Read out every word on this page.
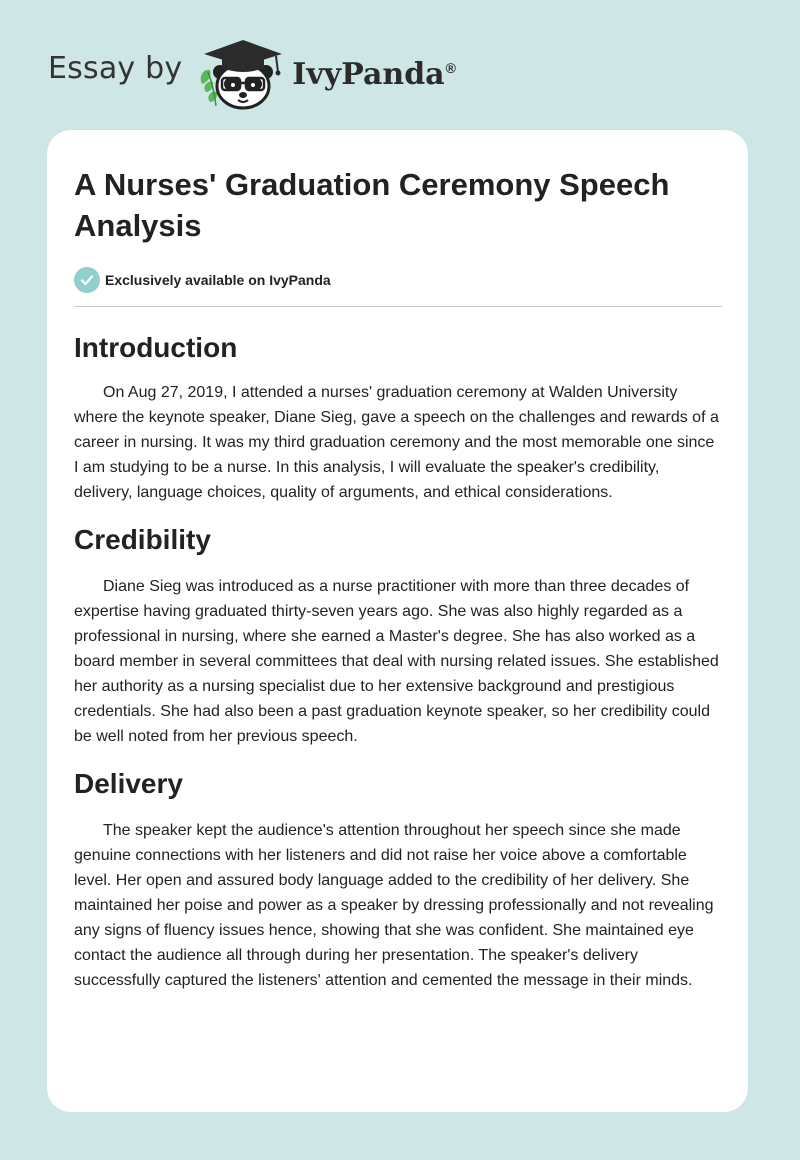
Essay by	IvyPanda®
A Nurses' Graduation Ceremony Speech Analysis
Exclusively available on IvyPanda
Introduction

On Aug 27, 2019, I attended a nurses' graduation ceremony at Walden University where the keynote speaker, Diane Sieg, gave a speech on the challenges and rewards of a career in nursing. It was my third graduation ceremony and the most memorable one since I am studying to be a nurse. In this analysis, I will evaluate the speaker's credibility, delivery, language choices, quality of arguments, and ethical considerations.

Credibility

Diane Sieg was introduced as a nurse practitioner with more than three decades of expertise having graduated thirty-seven years ago. She was also highly regarded as a professional in nursing, where she earned a Master's degree. She has also worked as a board member in several committees that deal with nursing related issues. She established her authority as a nursing specialist due to her extensive background and prestigious credentials. She had also been a past graduation keynote speaker, so her credibility could be well noted from her previous speech.

Delivery

The speaker kept the audience's attention throughout her speech since she made genuine connections with her listeners and did not raise her voice above a comfortable level. Her open and assured body language added to the credibility of her delivery. She maintained her poise and power as a speaker by dressing professionally and not revealing any signs of fluency issues hence, showing that she was confident. She maintained eye contact the audience all through during her presentation. The speaker's delivery successfully captured the listeners' attention and cemented the message in their minds.
